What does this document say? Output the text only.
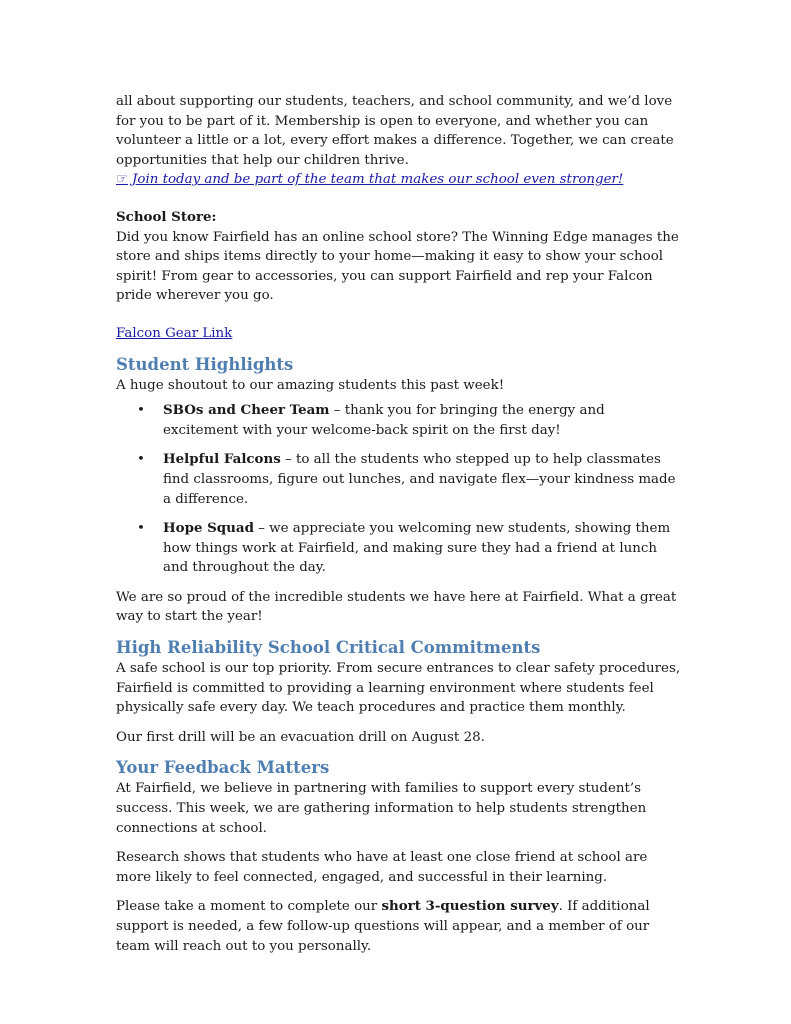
all about supporting our students, teachers, and school community, and we’d love for you to be part of it. Membership is open to everyone, and whether you can volunteer a little or a lot, every effort makes a difference. Together, we can create opportunities that help our children thrive.

☞ Join today and be part of the team that makes our school even stronger!

School Store:

Did you know Fairfield has an online school store? The Winning Edge manages the store and ships items directly to your home—making it easy to show your school spirit! From gear to accessories, you can support Fairfield and rep your Falcon pride wherever you go.

Falcon Gear Link

Student Highlights

A huge shoutout to our amazing students this past week!

• SBOs and Cheer Team – thank you for bringing the energy and excitement with your welcome-back spirit on the first day!
• Helpful Falcons – to all the students who stepped up to help classmates find classrooms, figure out lunches, and navigate flex—your kindness made a difference.
• Hope Squad – we appreciate you welcoming new students, showing them how things work at Fairfield, and making sure they had a friend at lunch and throughout the day.

We are so proud of the incredible students we have here at Fairfield. What a great way to start the year!

High Reliability School Critical Commitments

A safe school is our top priority. From secure entrances to clear safety procedures, Fairfield is committed to providing a learning environment where students feel physically safe every day. We teach procedures and practice them monthly.

Our first drill will be an evacuation drill on August 28.

Your Feedback Matters

At Fairfield, we believe in partnering with families to support every student’s success. This week, we are gathering information to help students strengthen connections at school.

Research shows that students who have at least one close friend at school are more likely to feel connected, engaged, and successful in their learning.

Please take a moment to complete our short 3-question survey. If additional support is needed, a few follow-up questions will appear, and a member of our team will reach out to you personally.
